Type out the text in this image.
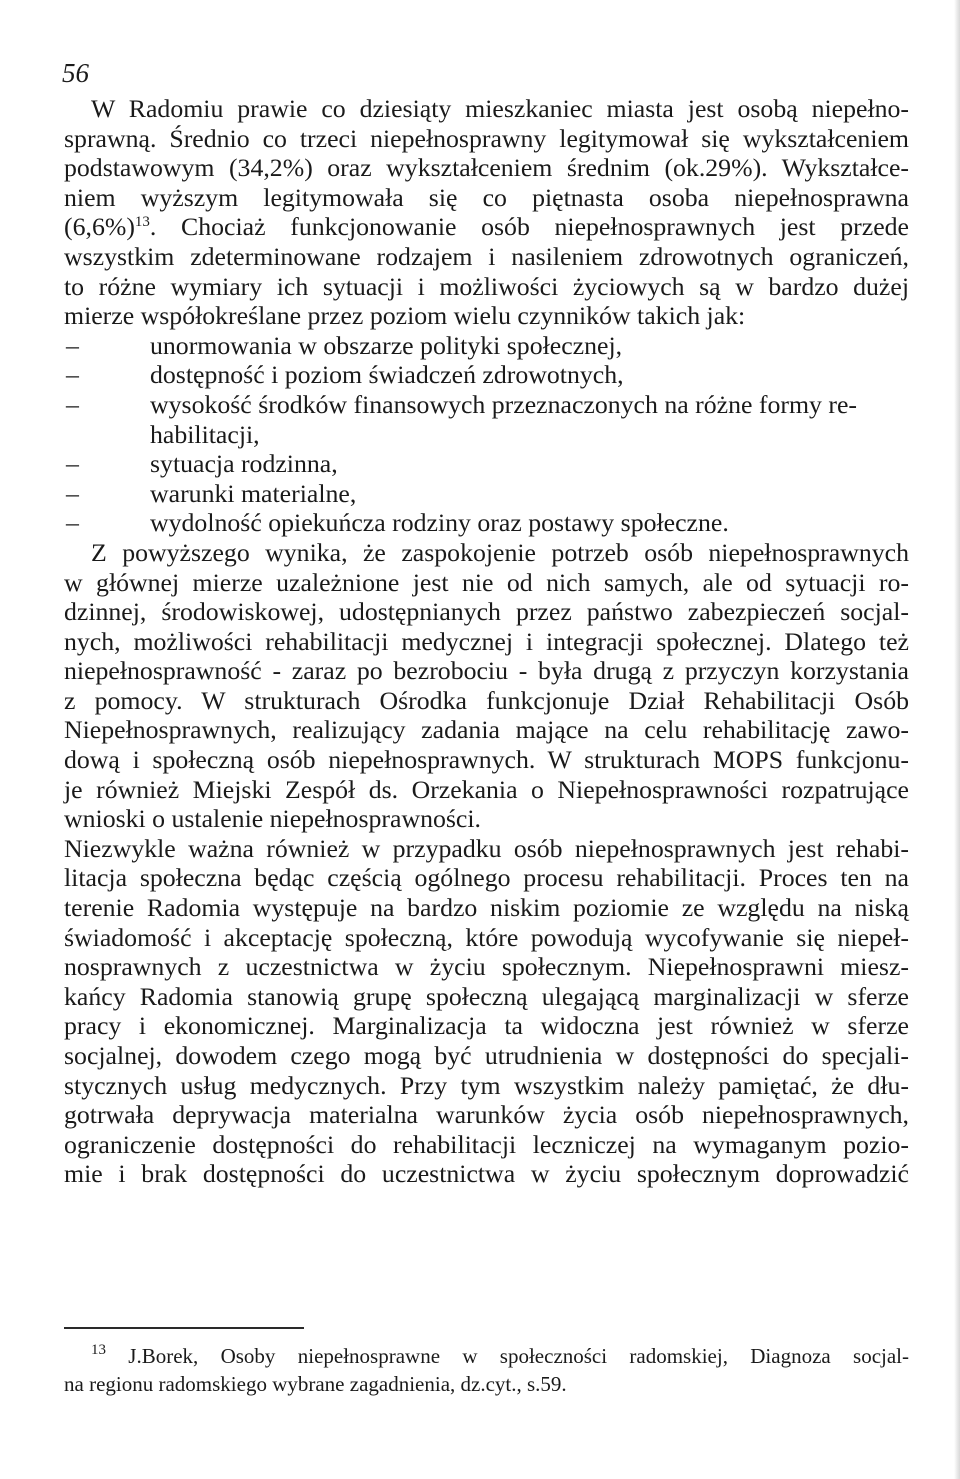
56
W Radomiu prawie co dziesiąty mieszkaniec miasta jest osobą niepełno-
sprawną. Średnio co trzeci niepełnosprawny legitymował się wykształceniem
podstawowym (34,2%) oraz wykształceniem średnim (ok.29%). Wykształce-
niem wyższym legitymowała się co piętnasta osoba niepełnosprawna
$(6,6\%)^{13}$. Chociaż funkcjonowanie osób niepełnosprawnych jest przede
wszystkim zdeterminowane rodzajem i nasileniem zdrowotnych ograniczeń,
to różne wymiary ich sytuacji i możliwości życiowych są w bardzo dużej
mierze współokreślane przez poziom wielu czynników takich jak:
–	unormowania w obszarze polityki społecznej,
–	dostępność i poziom świadczeń zdrowotnych,
–	wysokość środków finansowych przeznaczonych na różne formy re-
habilitacji,
–	sytuacja rodzinna,
–	warunki materialne,
–	wydolność opiekuńcza rodziny oraz postawy społeczne.
Z powyższego wynika, że zaspokojenie potrzeb osób niepełnosprawnych
w głównej mierze uzależnione jest nie od nich samych, ale od sytuacji ro-
dzinnej, środowiskowej, udostępnianych przez państwo zabezpieczeń socjal-
nych, możliwości rehabilitacji medycznej i integracji społecznej. Dlatego też
niepełnosprawność - zaraz po bezrobociu - była drugą z przyczyn korzystania
z pomocy. W strukturach Ośrodka funkcjonuje Dział Rehabilitacji Osób
Niepełnosprawnych, realizujący zadania mające na celu rehabilitację zawo-
dową i społeczną osób niepełnosprawnych. W strukturach MOPS funkcjonu-
je również Miejski Zespół ds. Orzekania o Niepełnosprawności rozpatrujące
wnioski o ustalenie niepełnosprawności.
Niezwykle ważna również w przypadku osób niepełnosprawnych jest rehabi-
litacja społeczna będąc częścią ogólnego procesu rehabilitacji. Proces ten na
terenie Radomia występuje na bardzo niskim poziomie ze względu na niską
świadomość i akceptację społeczną, które powodują wycofywanie się niepeł-
nosprawnych z uczestnictwa w życiu społecznym. Niepełnosprawni miesz-
kańcy Radomia stanowią grupę społeczną ulegającą marginalizacji w sferze
pracy i ekonomicznej. Marginalizacja ta widoczna jest również w sferze
socjalnej, dowodem czego mogą być utrudnienia w dostępności do specjali-
stycznych usług medycznych. Przy tym wszystkim należy pamiętać, że dłu-
gotrwała deprywacja materialna warunków życia osób niepełnosprawnych,
ograniczenie dostępności do rehabilitacji leczniczej na wymaganym pozio-
mie i brak dostępności do uczestnictwa w życiu społecznym doprowadzić
$^{13}$ J.Borek, Osoby niepełnosprawne w społeczności radomskiej, Diagnoza socjal-
na regionu radomskiego wybrane zagadnienia, dz.cyt., s.59.
